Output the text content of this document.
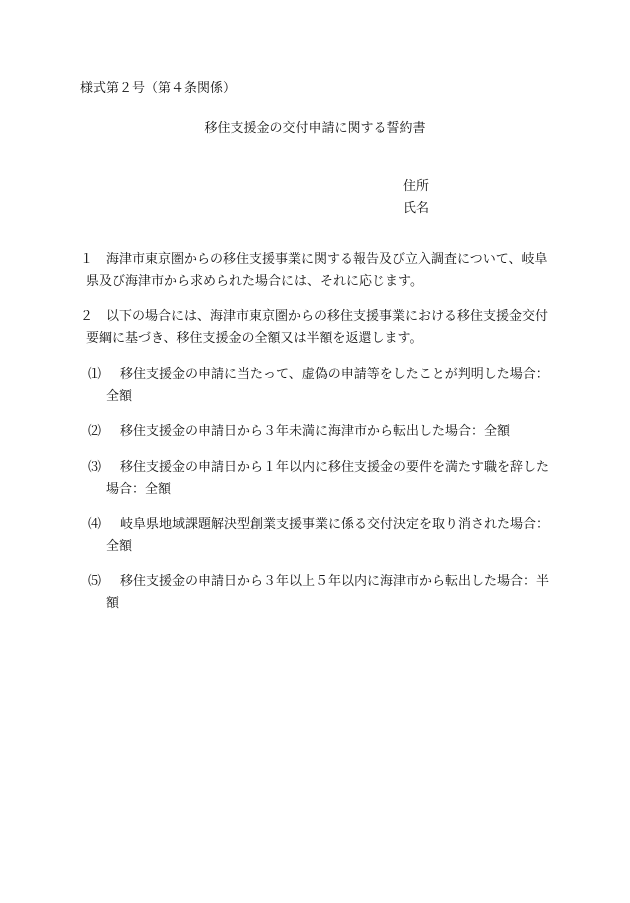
様式第２号（第４条関係）
移住支援金の交付申請に関する誓約書
住所
氏名
１ 海津市東京圏からの移住支援事業に関する報告及び立入調査について、岐阜
県及び海津市から求められた場合には、それに応じます。
２ 以下の場合には、海津市東京圏からの移住支援事業における移住支援金交付
要綱に基づき、移住支援金の全額又は半額を返還します。
⑴	移住支援金の申請に当たって、虚偽の申請等をしたことが判明した場合：
全額
⑵	移住支援金の申請日から３年未満に海津市から転出した場合：全額
⑶	移住支援金の申請日から１年以内に移住支援金の要件を満たす職を辞した
場合：全額
⑷	岐阜県地域課題解決型創業支援事業に係る交付決定を取り消された場合：
全額
⑸	移住支援金の申請日から３年以上５年以内に海津市から転出した場合：半
額
